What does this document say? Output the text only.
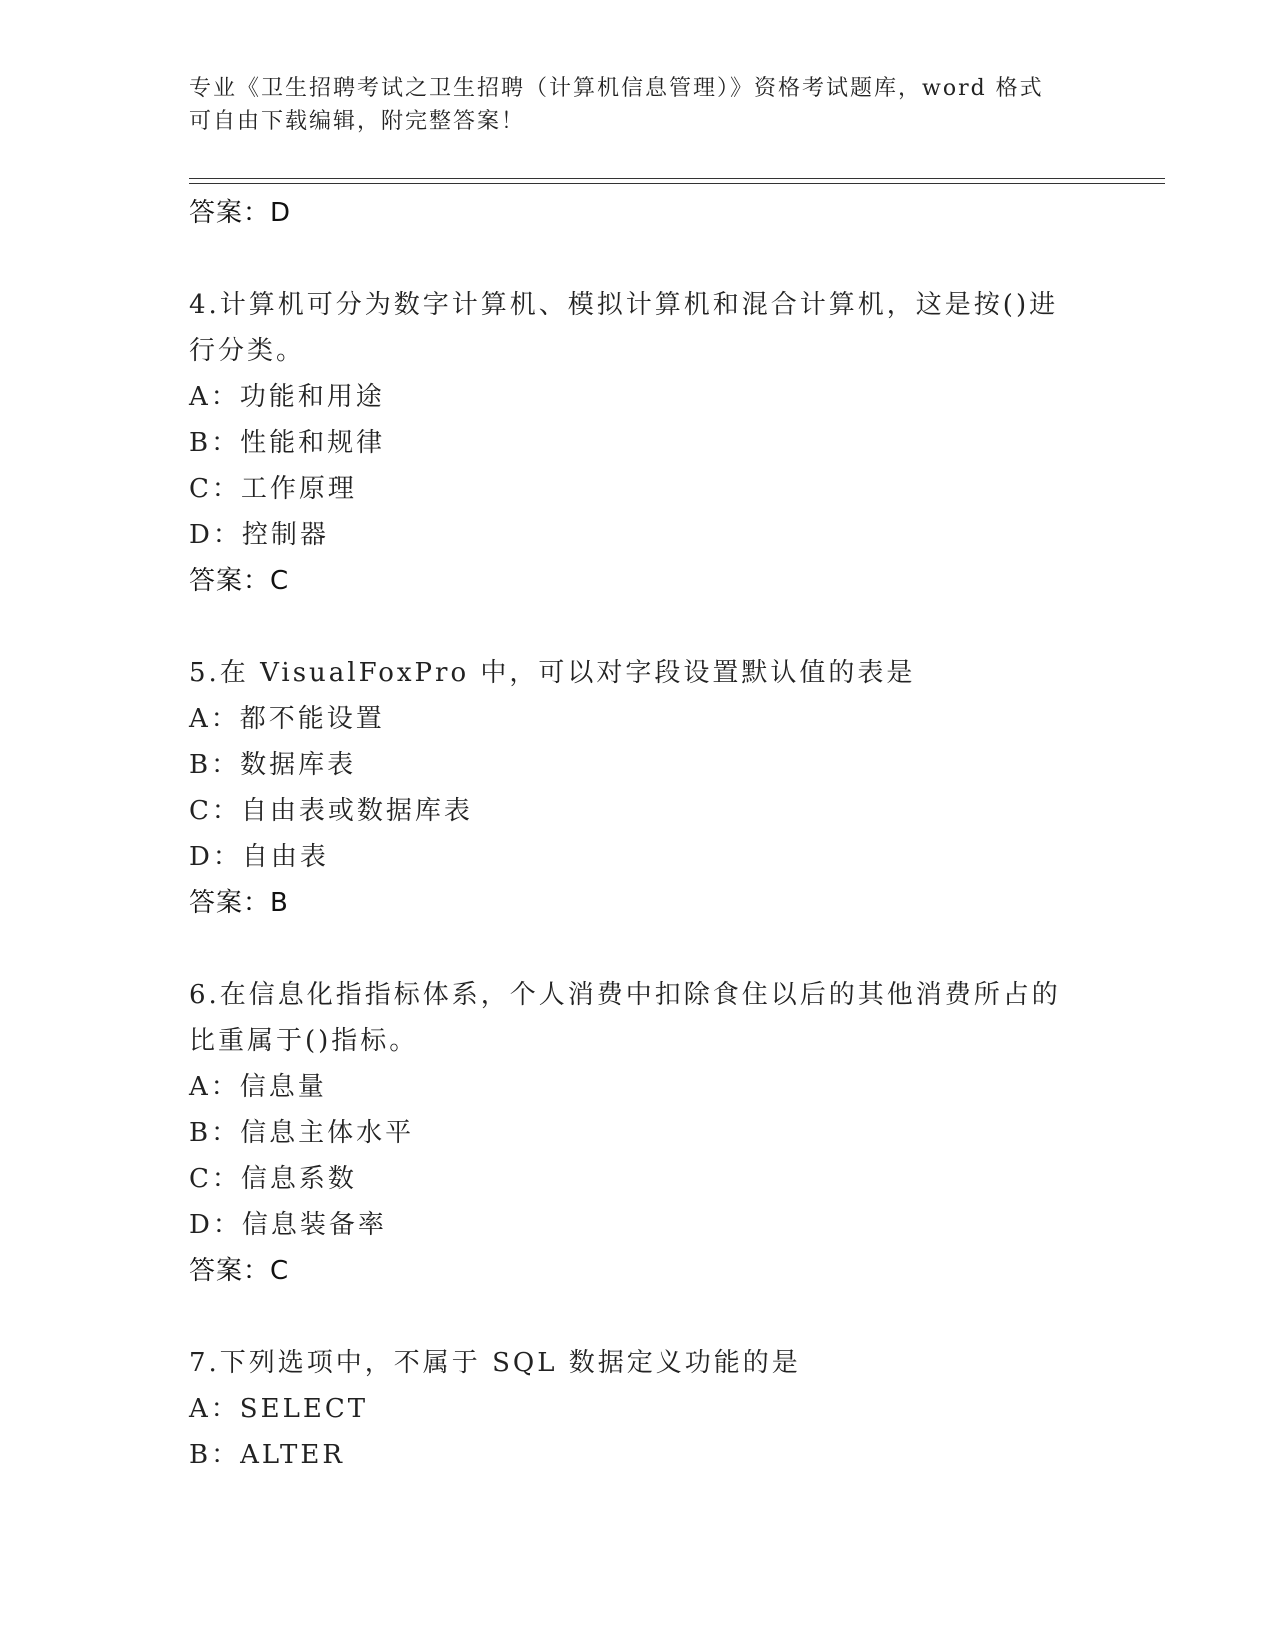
专业《卫生招聘考试之卫生招聘（计算机信息管理）》资格考试题库，word 格式
可自由下载编辑，附完整答案！
答案：D
4.计算机可分为数字计算机、模拟计算机和混合计算机，这是按()进
行分类。
A：功能和用途
B：性能和规律
C：工作原理
D：控制器
答案：C
5.在 VisualFoxPro 中，可以对字段设置默认值的表是
A：都不能设置
B：数据库表
C：自由表或数据库表
D：自由表
答案：B
6.在信息化指指标体系，个人消费中扣除食住以后的其他消费所占的
比重属于()指标。
A：信息量
B：信息主体水平
C：信息系数
D：信息装备率
答案：C
7.下列选项中，不属于 SQL 数据定义功能的是
A：SELECT
B：ALTER
